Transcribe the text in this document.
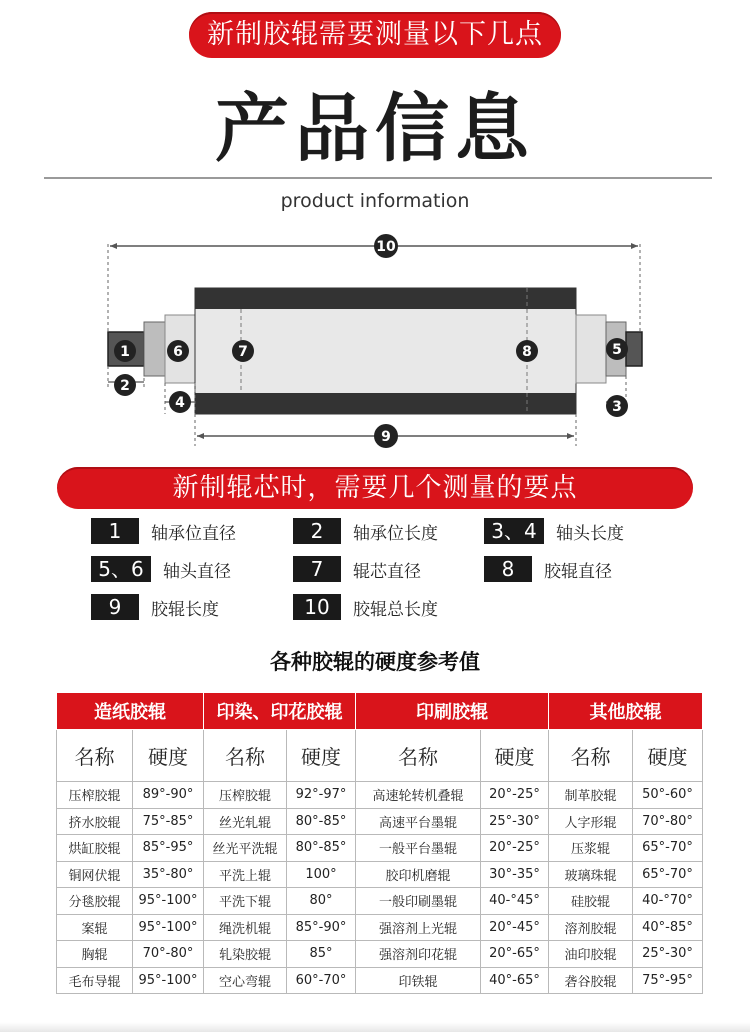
新制胶辊需要测量以下几点
产品信息
product information
10
1
2
3
4
5
6	7	8
9
新制辊芯时，需要几个测量的要点
1	轴承位直径	2	轴承位长度	3、4	轴头长度
5、6	轴头直径	7	辊芯直径	8	胶辊直径
9	胶辊长度	10	胶辊总长度
各种胶辊的硬度参考值
造纸胶辊		印染、印花胶辊		印刷胶辊		其他胶辊	
名称	硬度	名称	硬度	名称	硬度	名称	硬度
压榨胶辊	89°-90°	压榨胶辊	92°-97°	高速轮转机叠辊	20°-25°	制革胶辊	50°-60°
挤水胶辊	75°-85°	丝光轧辊	80°-85°	高速平台墨辊	25°-30°	人字形辊	70°-80°
烘缸胶辊	85°-95°	丝光平洗辊	80°-85°	一般平台墨辊	20°-25°	压浆辊	65°-70°
铜网伏辊	35°-80°	平洗上辊	100°	胶印机磨辊	30°-35°	玻璃珠辊	65°-70°
分毯胶辊	95°-100°	平洗下辊	80°	一般印刷墨辊	40-°45°	硅胶辊	40-°70°
案辊	95°-100°	绳洗机辊	85°-90°	强溶剂上光辊	20°-45°	溶剂胶辊	40°-85°
胸辊	70°-80°	轧染胶辊	85°	强溶剂印花辊	20°-65°	油印胶辊	25°-30°
毛布导辊	95°-100°	空心弯辊	60°-70°	印铁辊	40°-65°	砻谷胶辊	75°-95°
